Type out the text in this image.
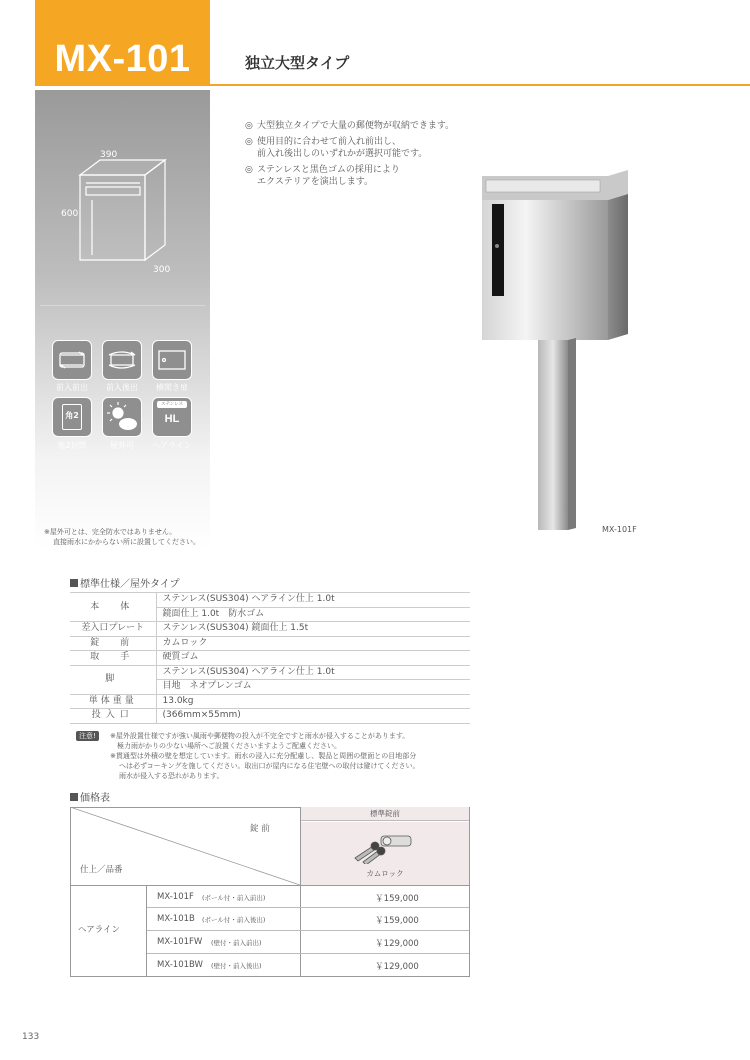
MX-101	独立大型タイプ
390
600
300
前入前出	前入後出	横開き扉
角2
ステンレス
HL
角2封筒	屋外可	ヘアライン
※屋外可とは、完全防水ではありません。
直接雨水にかからない所に設置してください。
◎ 大型独立タイプで大量の郵便物が収納できます。
◎ 使用目的に合わせて前入れ前出し、
前入れ後出しのいずれかが選択可能です。
◎ ステンレスと黒色ゴムの採用により
エクステリアを演出します。
MX-101F
標準仕様／屋外タイプ
本　体	ステンレス(SUS304) ヘアライン仕上 1.0t
	鏡面仕上 1.0t　防水ゴム
差入口プレート	ステンレス(SUS304) 鏡面仕上 1.5t
錠　前	カムロック
取　手	硬質ゴム
脚	ステンレス(SUS304) ヘアライン仕上 1.0t
	目地　ネオプレンゴム
単体重量	13.0kg
投入口	(366mm×55mm)
注意! ※屋外設置仕様ですが強い風雨や郵便物の投入が不完全ですと雨水が侵入することがあります。
　極力雨がかりの少ない場所へご設置くださいますようご配慮ください。
※貫通型は外積の壁を想定しています。雨水の浸入に充分配慮し、製品と周囲の壁面との目地部分
へは必ずコーキングを施してください。取出口が屋内になる住宅壁への取付は避けてください。
雨水が侵入する恐れがあります。
価格表
錠 前
仕上／品番
標準錠前
カムロック
ヘアライン
MX-101F (ポール付・前入前出)	￥159,000
MX-101B (ポール付・前入後出)	￥159,000
MX-101FW (壁付・前入前出)	￥129,000
MX-101BW (壁付・前入後出)	￥129,000
133
